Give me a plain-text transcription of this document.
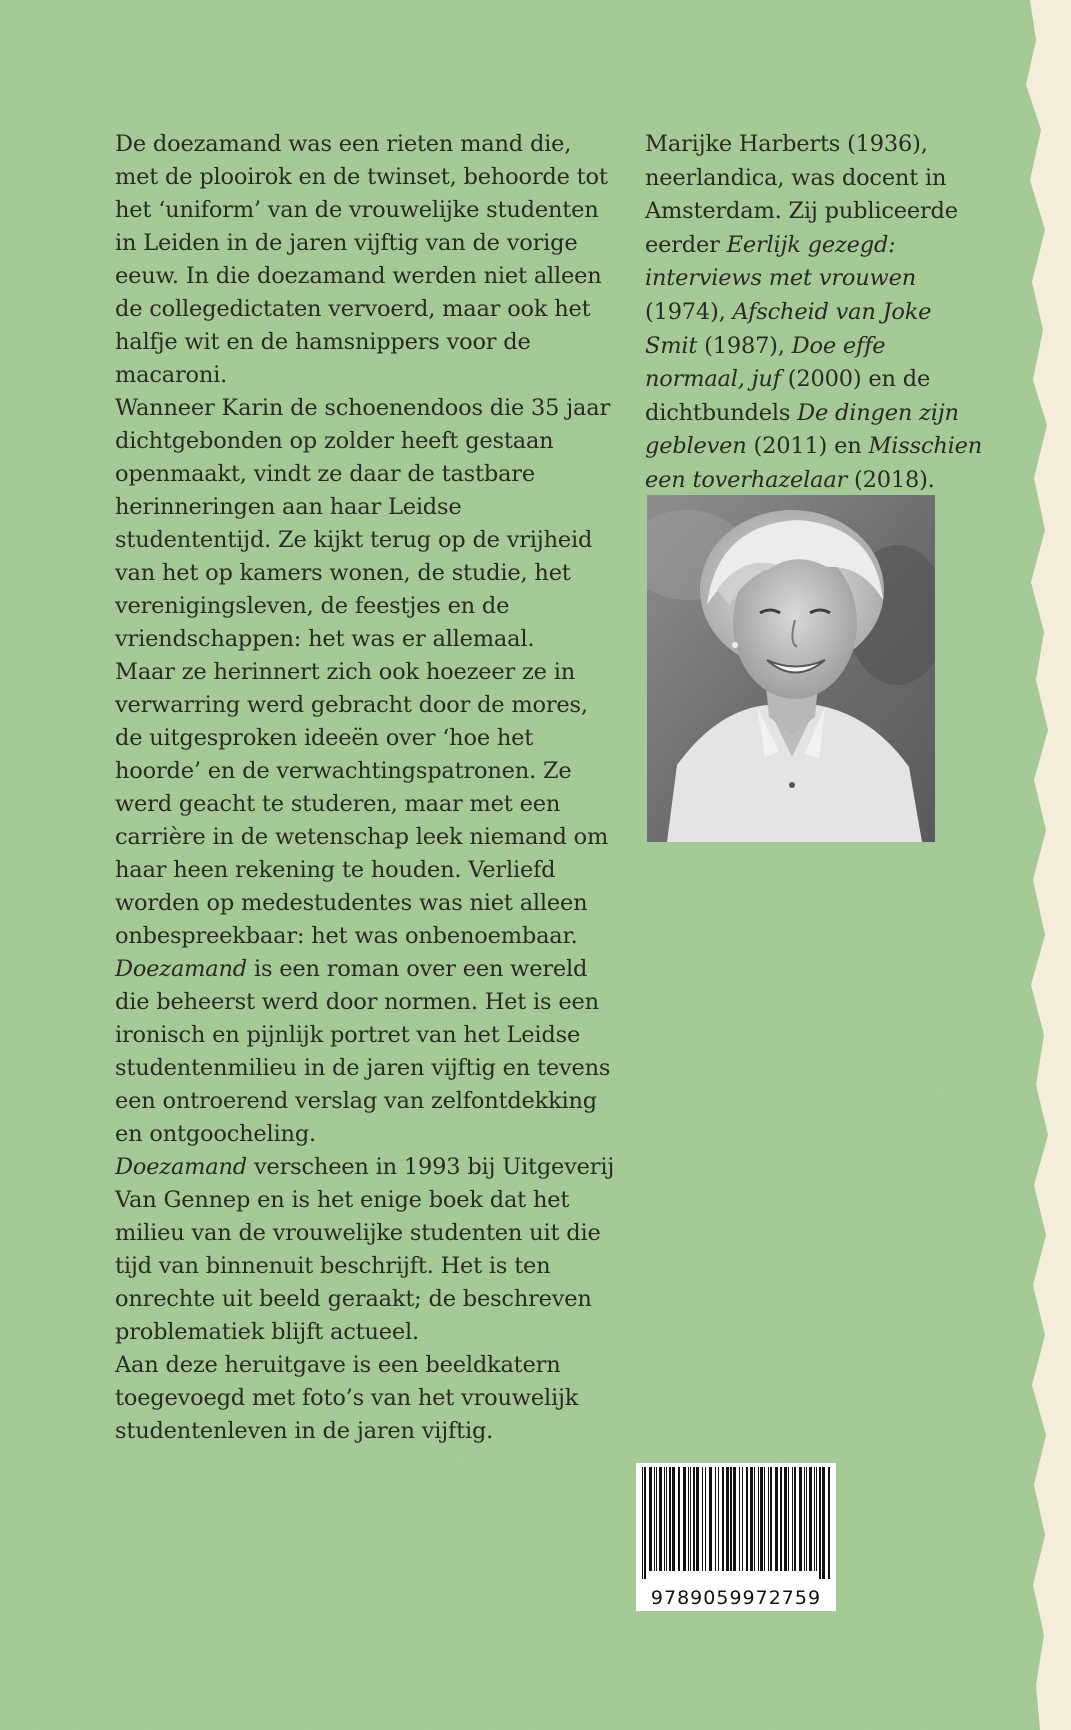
De doezamand was een rieten mand die, met de plooirok en de twinset, behoorde tot het ‘uniform’ van de vrouwelijke studenten in Leiden in de jaren vijftig van de vorige eeuw. In die doezamand werden niet alleen de collegedictaten vervoerd, maar ook het halfje wit en de hamsnippers voor de macaroni.

Wanneer Karin de schoenendoos die 35 jaar dichtgebonden op zolder heeft gestaan openmaakt, vindt ze daar de tastbare herinneringen aan haar Leidse studententijd. Ze kijkt terug op de vrijheid van het op kamers wonen, de studie, het verenigingsleven, de feestjes en de vriendschappen: het was er allemaal.

Maar ze herinnert zich ook hoezeer ze in verwarring werd gebracht door de mores, de uitgesproken ideeën over ‘hoe het hoorde’ en de verwachtingspatronen. Ze werd geacht te studeren, maar met een carrière in de wetenschap leek niemand om haar heen rekening te houden. Verliefd worden op medestudentes was niet alleen onbespreekbaar: het was onbenoembaar.

Doezamand is een roman over een wereld die beheerst werd door normen. Het is een ironisch en pijnlijk portret van het Leidse studentenmilieu in de jaren vijftig en tevens een ontroerend verslag van zelfontdekking en ontgoocheling.

Doezamand verscheen in 1993 bij Uitgeverij Van Gennep en is het enige boek dat het milieu van de vrouwelijke studenten uit die tijd van binnenuit beschrijft. Het is ten onrechte uit beeld geraakt; de beschreven problematiek blijft actueel.

Aan deze heruitgave is een beeldkatern toegevoegd met foto’s van het vrouwelijk studentenleven in de jaren vijftig.

Marijke Harberts (1936), neerlandica, was docent in Amsterdam. Zij publiceerde eerder Eerlijk gezegd: interviews met vrouwen (1974), Afscheid van Joke Smit (1987), Doe effe normaal, juf (2000) en de dichtbundels De dingen zijn gebleven (2011) en Misschien een toverhazelaar (2018).

9789059972759
